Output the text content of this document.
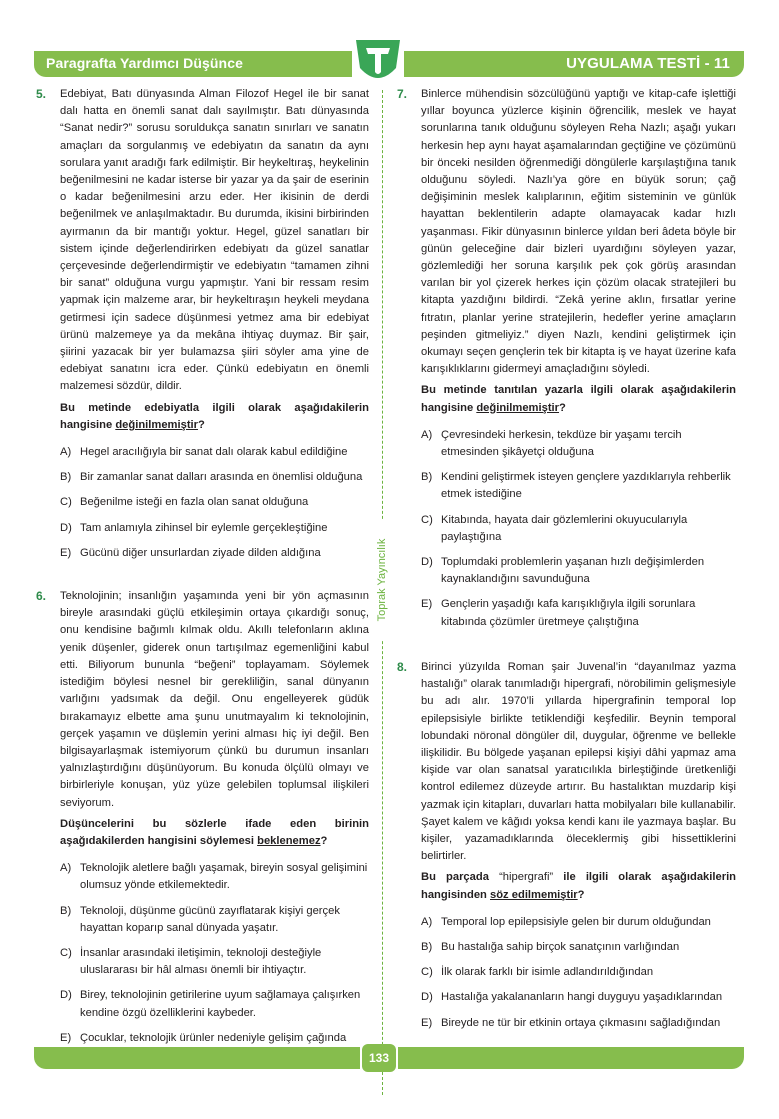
Paragrafta Yardımcı Düşünce	UYGULAMA TESTİ - 11
Toprak Yayıncılık
5. Edebiyat, Batı dünyasında Alman Filozof Hegel ile bir sanat dalı hatta en önemli sanat dalı sayılmıştır. Batı dünyasında “Sanat nedir?” sorusu soruldukça sanatın sınırları ve sanatın amaçları da sorgulanmış ve edebiyatın da sanatın da aynı sorulara yanıt aradığı fark edilmiştir. Bir heykeltıraş, heykelinin beğenilmesini ne kadar isterse bir yazar ya da şair de eserinin o kadar beğenilmesini arzu eder. Her ikisinin de derdi beğenilmek ve anlaşılmaktadır. Bu durumda, ikisini birbirinden ayırmanın da bir mantığı yoktur. Hegel, güzel sanatları bir sistem içinde değerlendirirken edebiyatı da güzel sanatlar çerçevesinde değerlendirmiştir ve edebiyatın “tamamen zihni bir sanat” olduğuna vurgu yapmıştır. Yani bir ressam resim yapmak için malzeme arar, bir heykeltıraşın heykeli meydana getirmesi için sadece düşünmesi yetmez ama bir edebiyat ürünü malzemeye ya da mekâna ihtiyaç duymaz. Bir şair, şiirini yazacak bir yer bulamazsa şiiri söyler ama yine de edebiyat sanatını icra eder. Çünkü edebiyatın en önemli malzemesi sözdür, dildir.

Bu metinde edebiyatla ilgili olarak aşağıdakilerin hangisine değinilmemiştir?

A) Hegel aracılığıyla bir sanat dalı olarak kabul edildiğine
B) Bir zamanlar sanat dalları arasında en önemlisi olduğuna
C) Beğenilme isteği en fazla olan sanat olduğuna
D) Tam anlamıyla zihinsel bir eylemle gerçekleştiğine
E) Gücünü diğer unsurlardan ziyade dilden aldığına
6. Teknolojinin; insanlığın yaşamında yeni bir yön açmasının bireyle arasındaki güçlü etkileşimin ortaya çıkardığı sonuç, onu kendisine bağımlı kılmak oldu. Akıllı telefonların aklına yenik düşenler, giderek onun tartışılmaz egemenliğini kabul etti. Biliyorum bununla “beğeni” toplayamam. Söylemek istediğim böylesi nesnel bir gerekliliğin, sanal dünyanın varlığını yadsımak da değil. Onu engelleyerek güdük bırakamayız elbette ama şunu unutmayalım ki teknolojinin, gerçek yaşamın ve düşlemin yerini alması hiç iyi değil. Ben bilgisayarlaşmak istemiyorum çünkü bu durumun insanları yalnızlaştırdığını düşünüyorum. Bu konuda ölçülü olmayı ve birbirleriyle konuşan, yüz yüze gelebilen toplumsal ilişkileri seviyorum.

Düşüncelerini bu sözlerle ifade eden birinin aşağıdakilerden hangisini söylemesi beklenemez?

A) Teknolojik aletlere bağlı yaşamak, bireyin sosyal gelişimini olumsuz yönde etkilemektedir.
B) Teknoloji, düşünme gücünü zayıflatarak kişiyi gerçek hayattan koparıp sanal dünyada yaşatır.
C) İnsanlar arasındaki iletişimin, teknoloji desteğiyle uluslararası bir hâl alması önemli bir ihtiyaçtır.
D) Birey, teknolojinin getirilerine uyum sağlamaya çalışırken kendine özgü özelliklerini kaybeder.
E) Çocuklar, teknolojik ürünler nedeniyle gelişim çağında
7. Binlerce mühendisin sözcülüğünü yaptığı ve kitap-cafe işlettiği yıllar boyunca yüzlerce kişinin öğrencilik, meslek ve hayat sorunlarına tanık olduğunu söyleyen Reha Nazlı; aşağı yukarı herkesin hep aynı hayat aşamalarından geçtiğine ve çözümünü bir önceki nesilden öğrenmediği döngülerle karşılaştığına tanık olduğunu söyledi. Nazlı’ya göre en büyük sorun; çağ değişiminin meslek kalıplarının, eğitim sisteminin ve günlük hayattan beklentilerin adapte olamayacak kadar hızlı yaşanması. Fikir dünyasının binlerce yıldan beri âdeta böyle bir günün geleceğine dair bizleri uyardığını söyleyen yazar, gözlemlediği her soruna karşılık pek çok görüş arasından varılan bir yol çizerek herkes için çözüm olacak stratejileri bu kitapta yazdığını bildirdi. “Zekâ yerine aklın, fırsatlar yerine fıtratın, planlar yerine stratejilerin, hedefler yerine amaçların peşinden gitmeliyiz.” diyen Nazlı, kendini geliştirmek için okumayı seçen gençlerin tek bir kitapta iş ve hayat üzerine kafa karışıklıklarını gidermeyi amaçladığını söyledi.

Bu metinde tanıtılan yazarla ilgili olarak aşağıdakilerin hangisine değinilmemiştir?

A) Çevresindeki herkesin, tekdüze bir yaşamı tercih etmesinden şikâyetçi olduğuna
B) Kendini geliştirmek isteyen gençlere yazdıklarıyla rehberlik etmek istediğine
C) Kitabında, hayata dair gözlemlerini okuyucularıyla paylaştığına
D) Toplumdaki problemlerin yaşanan hızlı değişimlerden kaynaklandığını savunduğuna
E) Gençlerin yaşadığı kafa karışıklığıyla ilgili sorunlara kitabında çözümler üretmeye çalıştığına
8. Birinci yüzyılda Roman şair Juvenal’in “dayanılmaz yazma hastalığı” olarak tanımladığı hipergrafi, nörobilimin gelişmesiyle bu adı alır. 1970’li yıllarda hipergrafinin temporal lop epilepsisiyle birlikte tetiklendiği keşfedilir. Beynin temporal lobundaki nöronal döngüler dil, duygular, öğrenme ve bellekle ilişkilidir. Bu bölgede yaşanan epilepsi kişiyi dâhi yapmaz ama kişide var olan sanatsal yaratıcılıkla birleştiğinde üretkenliği kontrol edilemez düzeyde artırır. Bu hastalıktan muzdarip kişi yazmak için kitapları, duvarları hatta mobilyaları bile kullanabilir. Şayet kalem ve kâğıdı yoksa kendi kanı ile yazmaya başlar. Bu kişiler, yazamadıklarında öleceklermiş gibi hissettiklerini belirtirler.

Bu parçada “hipergrafi” ile ilgili olarak aşağıdakilerin hangisinden söz edilmemiştir?

A) Temporal lop epilepsisiyle gelen bir durum olduğundan
B) Bu hastalığa sahip birçok sanatçının varlığından
C) İlk olarak farklı bir isimle adlandırıldığından
D) Hastalığa yakalananların hangi duyguyu yaşadıklarından
E) Bireyde ne tür bir etkinin ortaya çıkmasını sağladığından
133
